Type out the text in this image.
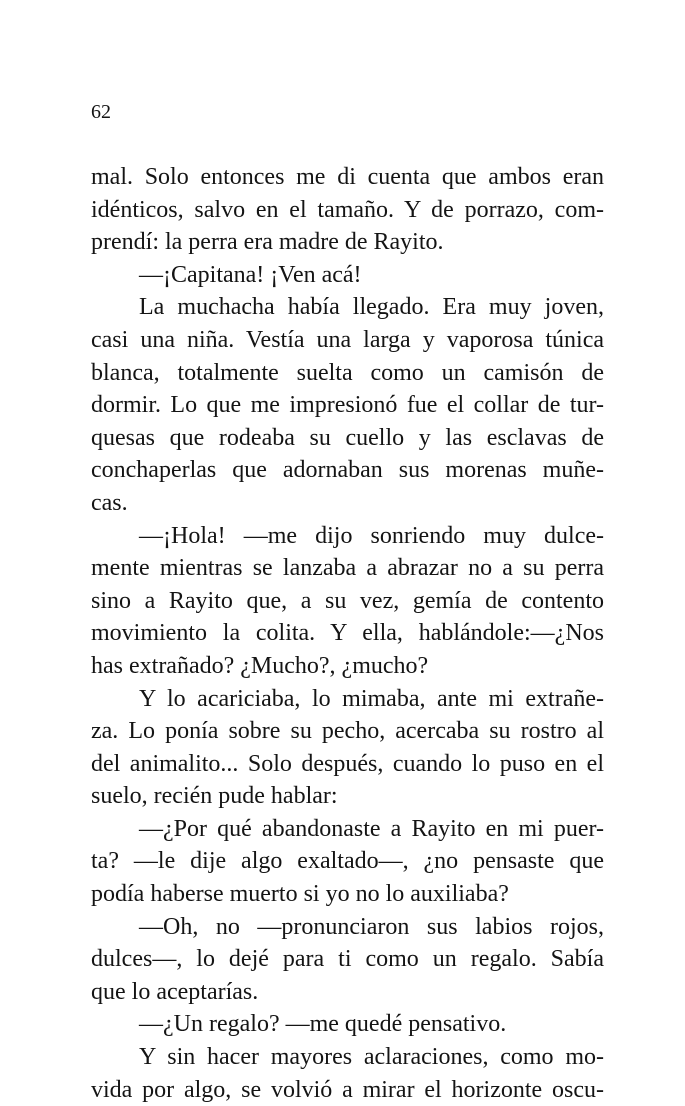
62
mal. Solo entonces me di cuenta que ambos eran
idénticos, salvo en el tamaño. Y de porrazo, com-
prendí: la perra era madre de Rayito.
—¡Capitana! ¡Ven acá!
La muchacha había llegado. Era muy joven,
casi una niña. Vestía una larga y vaporosa túnica
blanca, totalmente suelta como un camisón de
dormir. Lo que me impresionó fue el collar de tur-
quesas que rodeaba su cuello y las esclavas de
conchaperlas que adornaban sus morenas muñe-
cas.
—¡Hola! —me dijo sonriendo muy dulce-
mente mientras se lanzaba a abrazar no a su perra
sino a Rayito que, a su vez, gemía de contento
movimiento la colita. Y ella, hablándole:—¿Nos
has extrañado? ¿Mucho?, ¿mucho?
Y lo acariciaba, lo mimaba, ante mi extrañe-
za. Lo ponía sobre su pecho, acercaba su rostro al
del animalito... Solo después, cuando lo puso en el
suelo, recién pude hablar:
—¿Por qué abandonaste a Rayito en mi puer-
ta? —le dije algo exaltado—, ¿no pensaste que
podía haberse muerto si yo no lo auxiliaba?
—Oh, no —pronunciaron sus labios rojos,
dulces—, lo dejé para ti como un regalo. Sabía
que lo aceptarías.
—¿Un regalo? —me quedé pensativo.
Y sin hacer mayores aclaraciones, como mo-
vida por algo, se volvió a mirar el horizonte oscu-
